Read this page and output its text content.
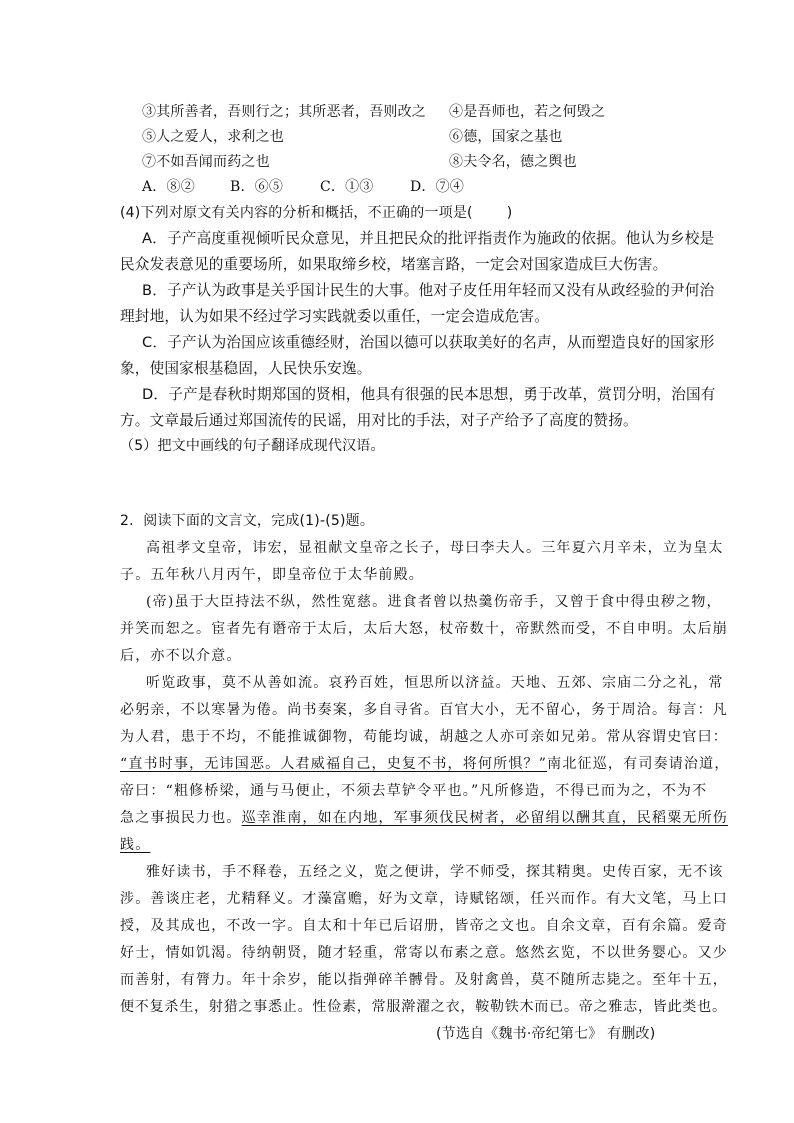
③其所善者，吾则行之；其所恶者，吾则改之 ④是吾师也，若之何毁之
⑤人之爱人，求利之也	⑥德，国家之基也
⑦不如吾闻而药之也	⑧夫令名，德之舆也
A．⑧②	B．⑥⑤	C．①③	D．⑦④
(4)下列对原文有关内容的分析和概括，不正确的一项是( )
A．子产高度重视倾听民众意见，并且把民众的批评指责作为施政的依据。他认为乡校是
民众发表意见的重要场所，如果取缔乡校，堵塞言路，一定会对国家造成巨大伤害。
B．子产认为政事是关乎国计民生的大事。他对子皮任用年轻而又没有从政经验的尹何治
理封地，认为如果不经过学习实践就委以重任，一定会造成危害。
C．子产认为治国应该重德经财，治国以德可以获取美好的名声，从而塑造良好的国家形
象，使国家根基稳固，人民快乐安逸。
D．子产是春秋时期郑国的贤相，他具有很强的民本思想，勇于改革，赏罚分明，治国有
方。文章最后通过郑国流传的民谣，用对比的手法，对子产给予了高度的赞扬。
（5）把文中画线的句子翻译成现代汉语。
2．阅读下面的文言文，完成(1)-(5)题。
高祖孝文皇帝，讳宏，显祖献文皇帝之长子，母曰李夫人。三年夏六月辛未，立为皇太
子。五年秋八月丙午，即皇帝位于太华前殿。
(帝)虽于大臣持法不纵，然性宽慈。进食者曾以热羹伤帝手，又曾于食中得虫秽之物，
并笑而恕之。宦者先有谮帝于太后，太后大怒，杖帝数十，帝默然而受，不自申明。太后崩
后，亦不以介意。
听览政事，莫不从善如流。哀矜百姓，恒思所以济益。天地、五郊、宗庙二分之礼，常
必躬亲，不以寒暑为倦。尚书奏案，多自寻省。百官大小，无不留心，务于周洽。每言：凡
为人君，患于不均，不能推诚御物，苟能均诚，胡越之人亦可亲如兄弟。常从容谓史官曰：
“直书时事，无讳国恶。人君威福自己，史复不书，将何所惧？”南北征巡，有司奏请治道，
帝曰：“粗修桥梁，通与马便止，不须去草铲令平也。”凡所修造，不得已而为之，不为不
急之事损民力也。巡幸淮南，如在内地，军事须伐民树者，必留绢以酬其直，民稻粟无所伤
践。
雅好读书，手不释卷，五经之义，览之便讲，学不师受，探其精奥。史传百家，无不该
涉。善谈庄老，尤精释义。才藻富赡，好为文章，诗赋铭颂，任兴而作。有大文笔，马上口
授，及其成也，不改一字。自太和十年已后诏册，皆帝之文也。自余文章，百有余篇。爱奇
好士，情如饥渴。待纳朝贤，随才轻重，常寄以布素之意。悠然玄览，不以世务婴心。又少
而善射，有膂力。年十余岁，能以指弹碎羊髆骨。及射禽兽，莫不随所志毙之。至年十五，
便不复杀生，射猎之事悉止。性俭素，常服澣濯之衣，鞍勒铁木而已。帝之雅志，皆此类也。
(节选自《魏书·帝纪第七》 有删改)
